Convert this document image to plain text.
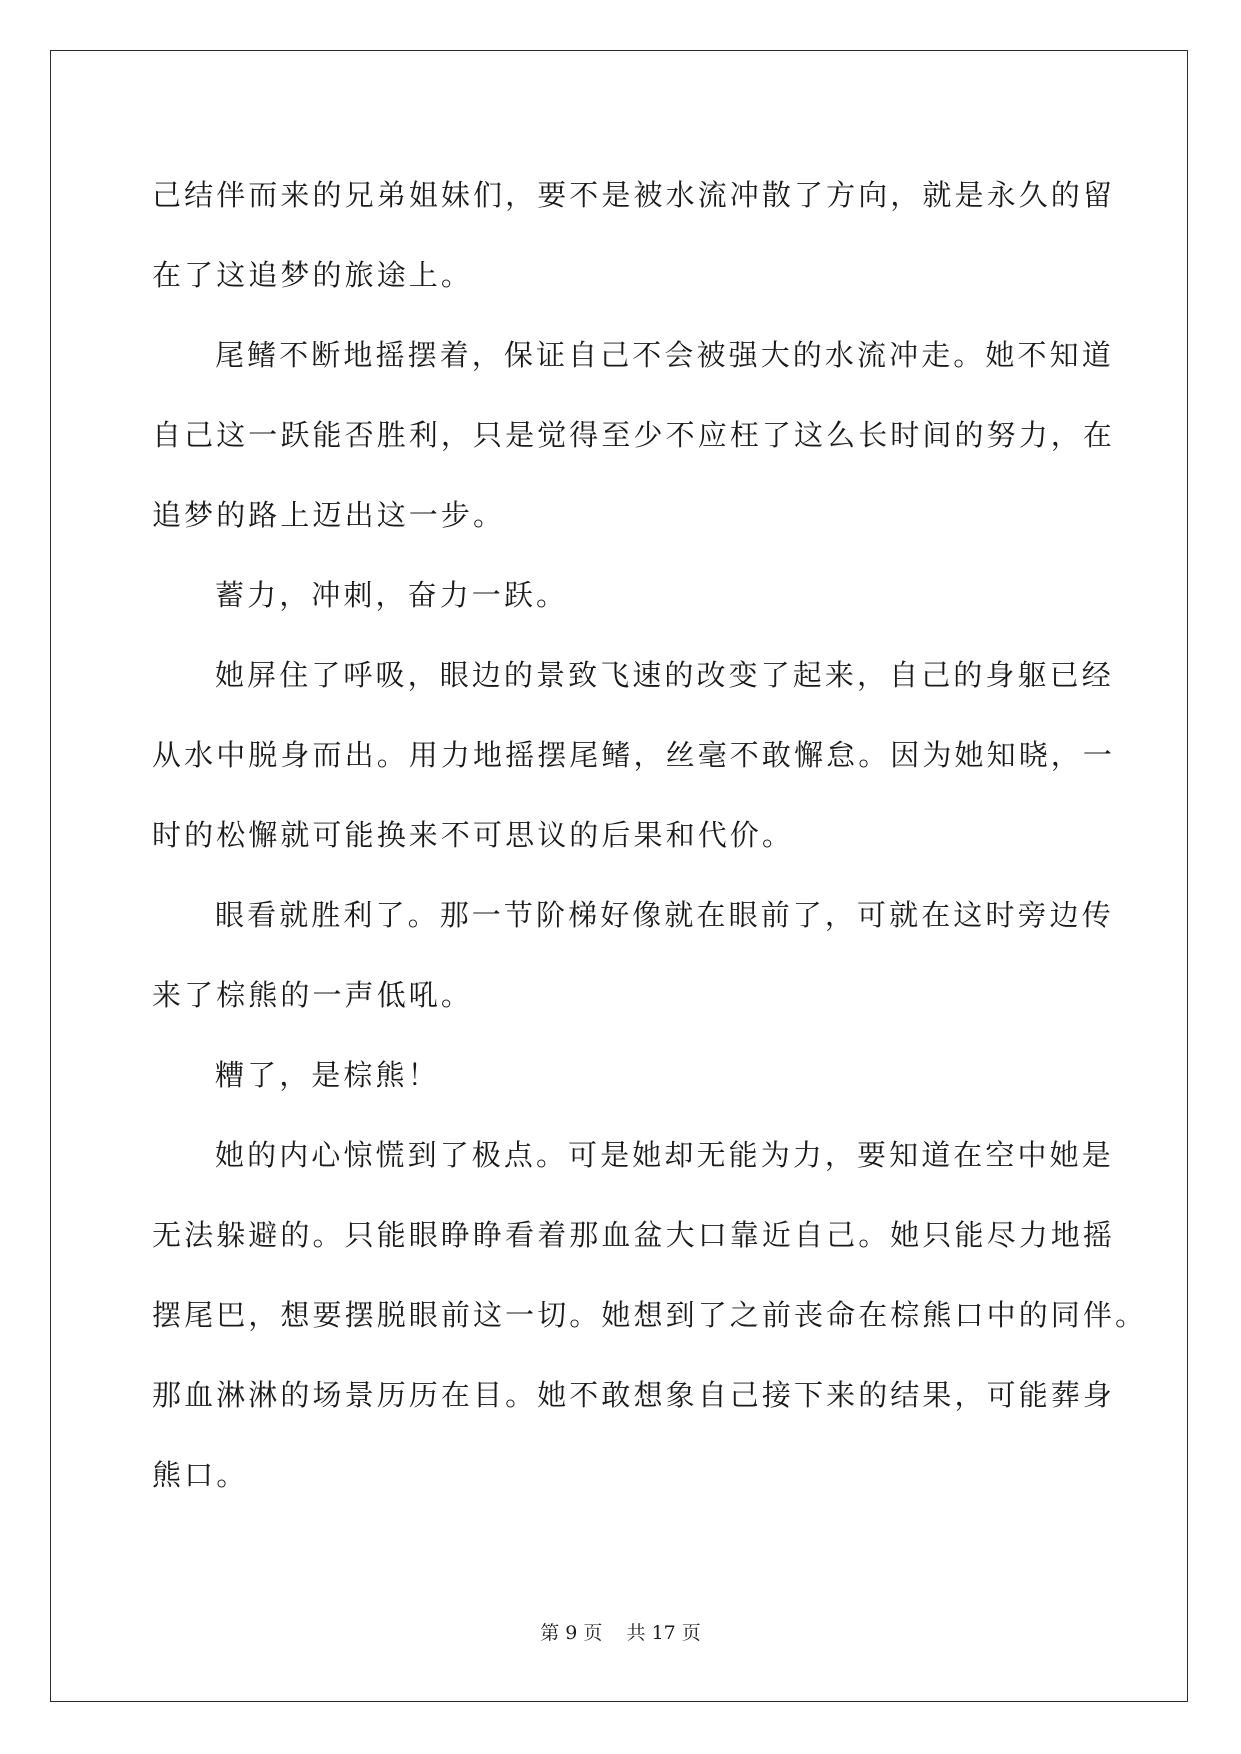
己结伴而来的兄弟姐妹们，要不是被水流冲散了方向，就是永久的留
在了这追梦的旅途上。
尾鳍不断地摇摆着，保证自己不会被强大的水流冲走。她不知道
自己这一跃能否胜利，只是觉得至少不应枉了这么长时间的努力，在
追梦的路上迈出这一步。
蓄力，冲刺，奋力一跃。
她屏住了呼吸，眼边的景致飞速的改变了起来，自己的身躯已经
从水中脱身而出。用力地摇摆尾鳍，丝毫不敢懈怠。因为她知晓，一
时的松懈就可能换来不可思议的后果和代价。
眼看就胜利了。那一节阶梯好像就在眼前了，可就在这时旁边传
来了棕熊的一声低吼。
糟了，是棕熊！
她的内心惊慌到了极点。可是她却无能为力，要知道在空中她是
无法躲避的。只能眼睁睁看着那血盆大口靠近自己。她只能尽力地摇
摆尾巴，想要摆脱眼前这一切。她想到了之前丧命在棕熊口中的同伴。
那血淋淋的场景历历在目。她不敢想象自己接下来的结果，可能葬身
熊口。
第 9 页 共 17 页
